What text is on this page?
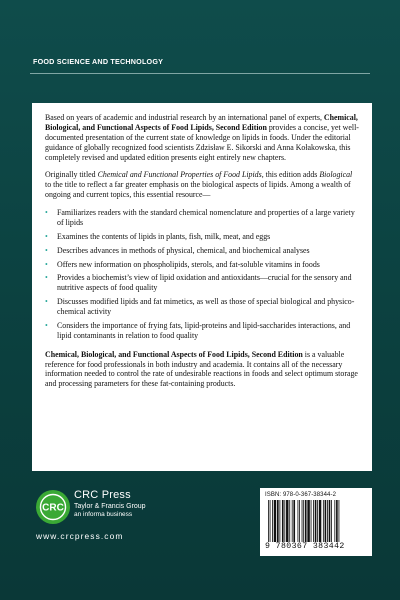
FOOD SCIENCE AND TECHNOLOGY

Based on years of academic and industrial research by an international panel of experts, Chemical, Biological, and Functional Aspects of Food Lipids, Second Edition provides a concise, yet well-documented presentation of the current state of knowledge on lipids in foods. Under the editorial guidance of globally recognized food scientists Zdzisław E. Sikorski and Anna Kołakowska, this completely revised and updated edition presents eight entirely new chapters.

Originally titled Chemical and Functional Properties of Food Lipids, this edition adds Biological to the title to reflect a far greater emphasis on the biological aspects of lipids. Among a wealth of ongoing and current topics, this essential resource—

• Familiarizes readers with the standard chemical nomenclature and properties of a large variety of lipids
• Examines the contents of lipids in plants, fish, milk, meat, and eggs
• Describes advances in methods of physical, chemical, and biochemical analyses
• Offers new information on phospholipids, sterols, and fat-soluble vitamins in foods
• Provides a biochemist’s view of lipid oxidation and antioxidants—crucial for the sensory and nutritive aspects of food quality
• Discusses modified lipids and fat mimetics, as well as those of special biological and physico-chemical activity
• Considers the importance of frying fats, lipid-proteins and lipid-saccharides interactions, and lipid contaminants in relation to food quality

Chemical, Biological, and Functional Aspects of Food Lipids, Second Edition is a valuable reference for food professionals in both industry and academia. It contains all of the necessary information needed to control the rate of undesirable reactions in foods and select optimum storage and processing parameters for these fat-containing products.

CRC
CRC Press
Taylor & Francis Group
an informa business
www.crcpress.com
ISBN: 978-0-367-38344-2
9 780367 383442
